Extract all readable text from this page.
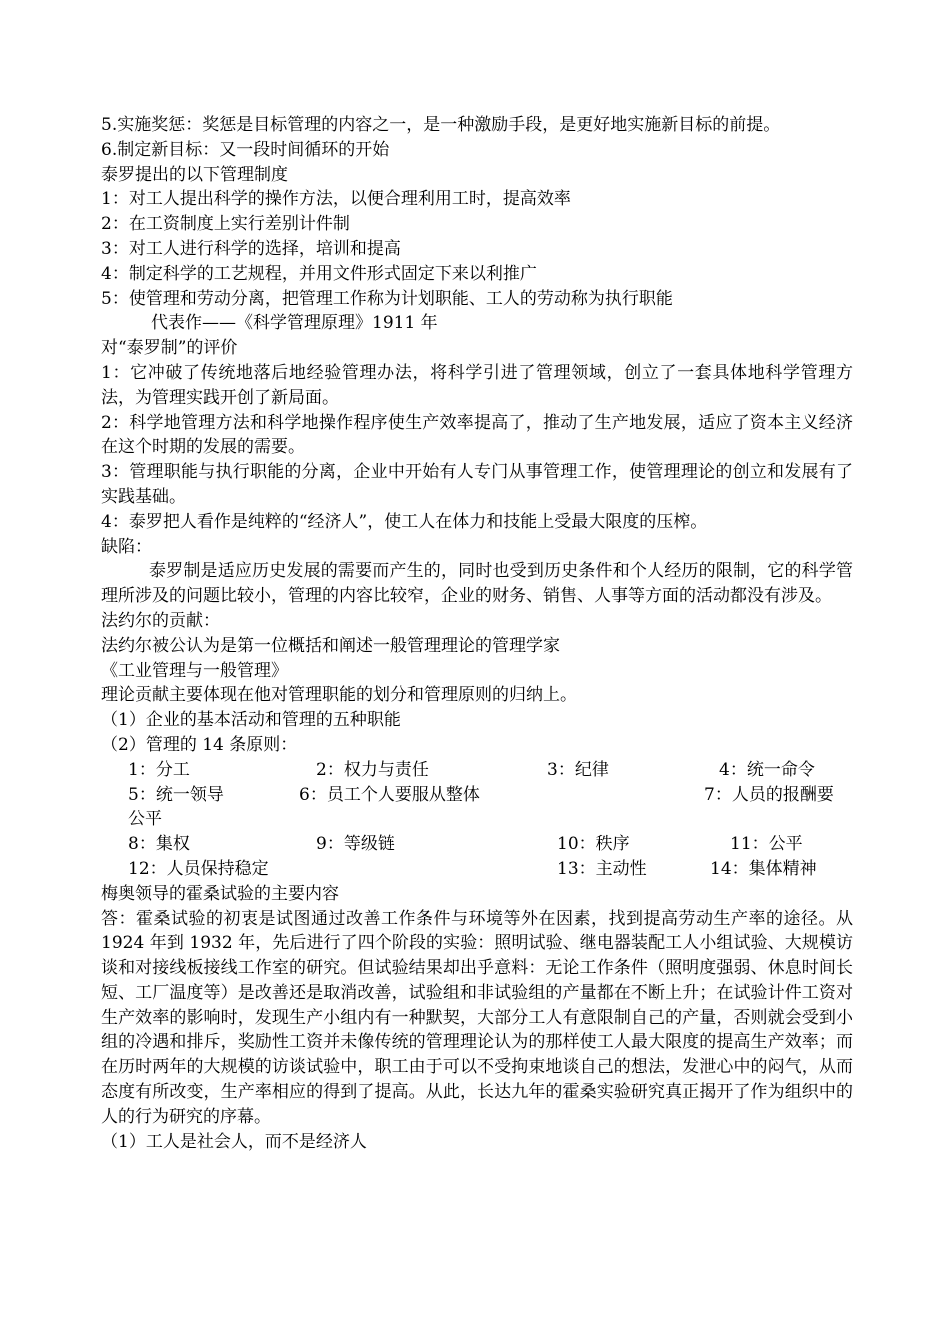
5.实施奖惩：奖惩是目标管理的内容之一，是一种激励手段，是更好地实施新目标的前提。
6.制定新目标：又一段时间循环的开始
泰罗提出的以下管理制度
1：对工人提出科学的操作方法，以便合理利用工时，提高效率
2：在工资制度上实行差别计件制
3：对工人进行科学的选择，培训和提高
4：制定科学的工艺规程，并用文件形式固定下来以利推广
5：使管理和劳动分离，把管理工作称为计划职能、工人的劳动称为执行职能
代表作——《科学管理原理》1911 年
对“泰罗制”的评价

1：它冲破了传统地落后地经验管理办法，将科学引进了管理领域，创立了一套具体地科学管理方法，为管理实践开创了新局面。

2：科学地管理方法和科学地操作程序使生产效率提高了，推动了生产地发展，适应了资本主义经济在这个时期的发展的需要。

3：管理职能与执行职能的分离，企业中开始有人专门从事管理工作，使管理理论的创立和发展有了实践基础。

4：泰罗把人看作是纯粹的“经济人”，使工人在体力和技能上受最大限度的压榨。
缺陷：

泰罗制是适应历史发展的需要而产生的，同时也受到历史条件和个人经历的限制，它的科学管理所涉及的问题比较小，管理的内容比较窄，企业的财务、销售、人事等方面的活动都没有涉及。

法约尔的贡献：
法约尔被公认为是第一位概括和阐述一般管理理论的管理学家
《工业管理与一般管理》
理论贡献主要体现在他对管理职能的划分和管理原则的归纳上。
（1）企业的基本活动和管理的五种职能
（2）管理的 14 条原则：
1：分工	2：权力与责任	3：纪律	4：统一命令
5：统一领导	6：员工个人要服从整体	7：人员的报酬要
公平
8：集权	9：等级链	10：秩序	11：公平
12：人员保持稳定	13：主动性	14：集体精神
梅奥领导的霍桑试验的主要内容

答：霍桑试验的初衷是试图通过改善工作条件与环境等外在因素，找到提高劳动生产率的途径。从 1924 年到 1932 年，先后进行了四个阶段的实验：照明试验、继电器装配工人小组试验、大规模访谈和对接线板接线工作室的研究。但试验结果却出乎意料：无论工作条件（照明度强弱、休息时间长短、工厂温度等）是改善还是取消改善，试验组和非试验组的产量都在不断上升；在试验计件工资对生产效率的影响时，发现生产小组内有一种默契，大部分工人有意限制自己的产量，否则就会受到小组的冷遇和排斥，奖励性工资并未像传统的管理理论认为的那样使工人最大限度的提高生产效率；而在历时两年的大规模的访谈试验中，职工由于可以不受拘束地谈自己的想法，发泄心中的闷气，从而态度有所改变，生产率相应的得到了提高。从此，长达九年的霍桑实验研究真正揭开了作为组织中的人的行为研究的序幕。

（1）工人是社会人，而不是经济人
